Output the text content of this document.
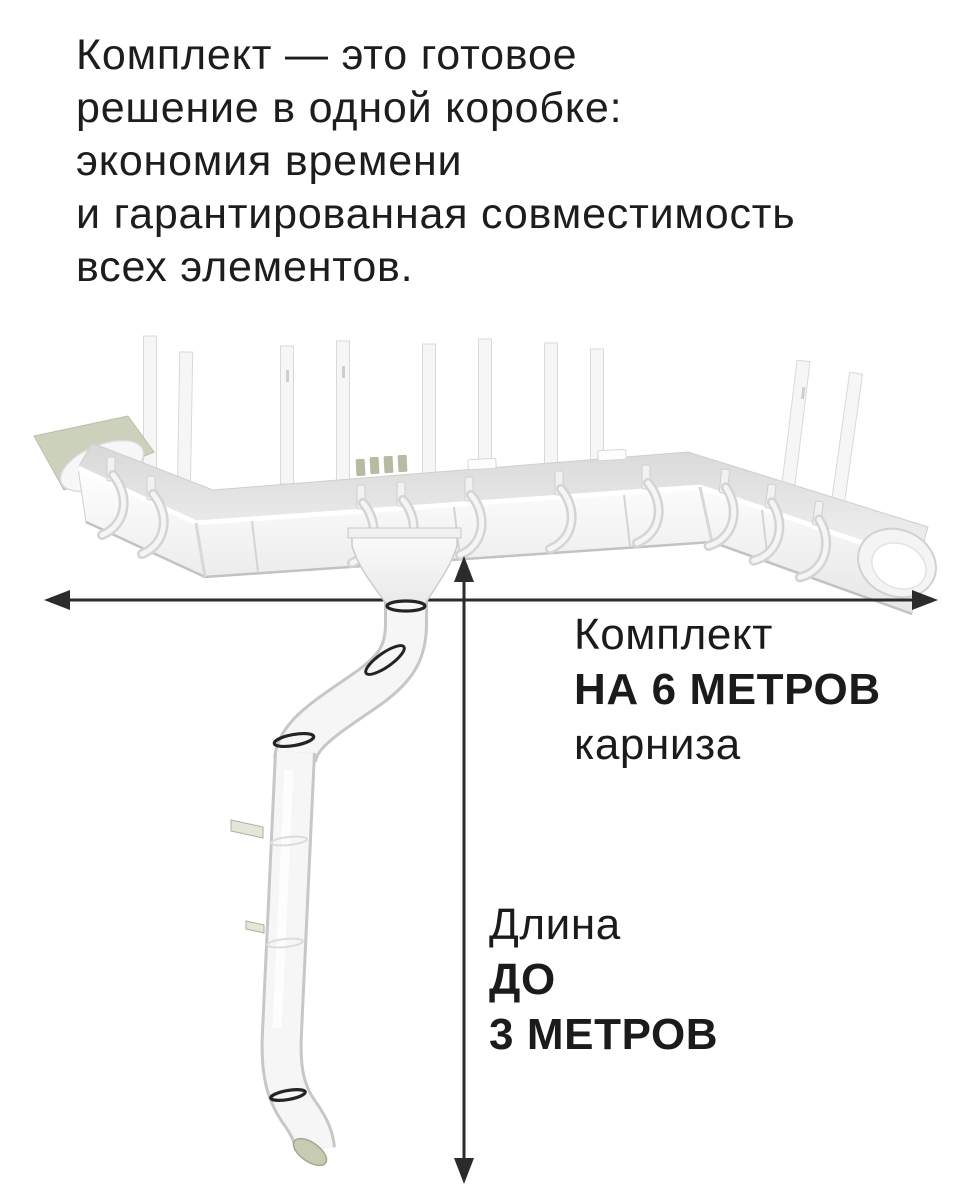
Комплект — это готовое
решение в одной коробке:
экономия времени
и гарантированная совместимость
всех элементов.
Комплект
НА 6 МЕТРОВ
карниза
Длина
ДО
3 МЕТРОВ
